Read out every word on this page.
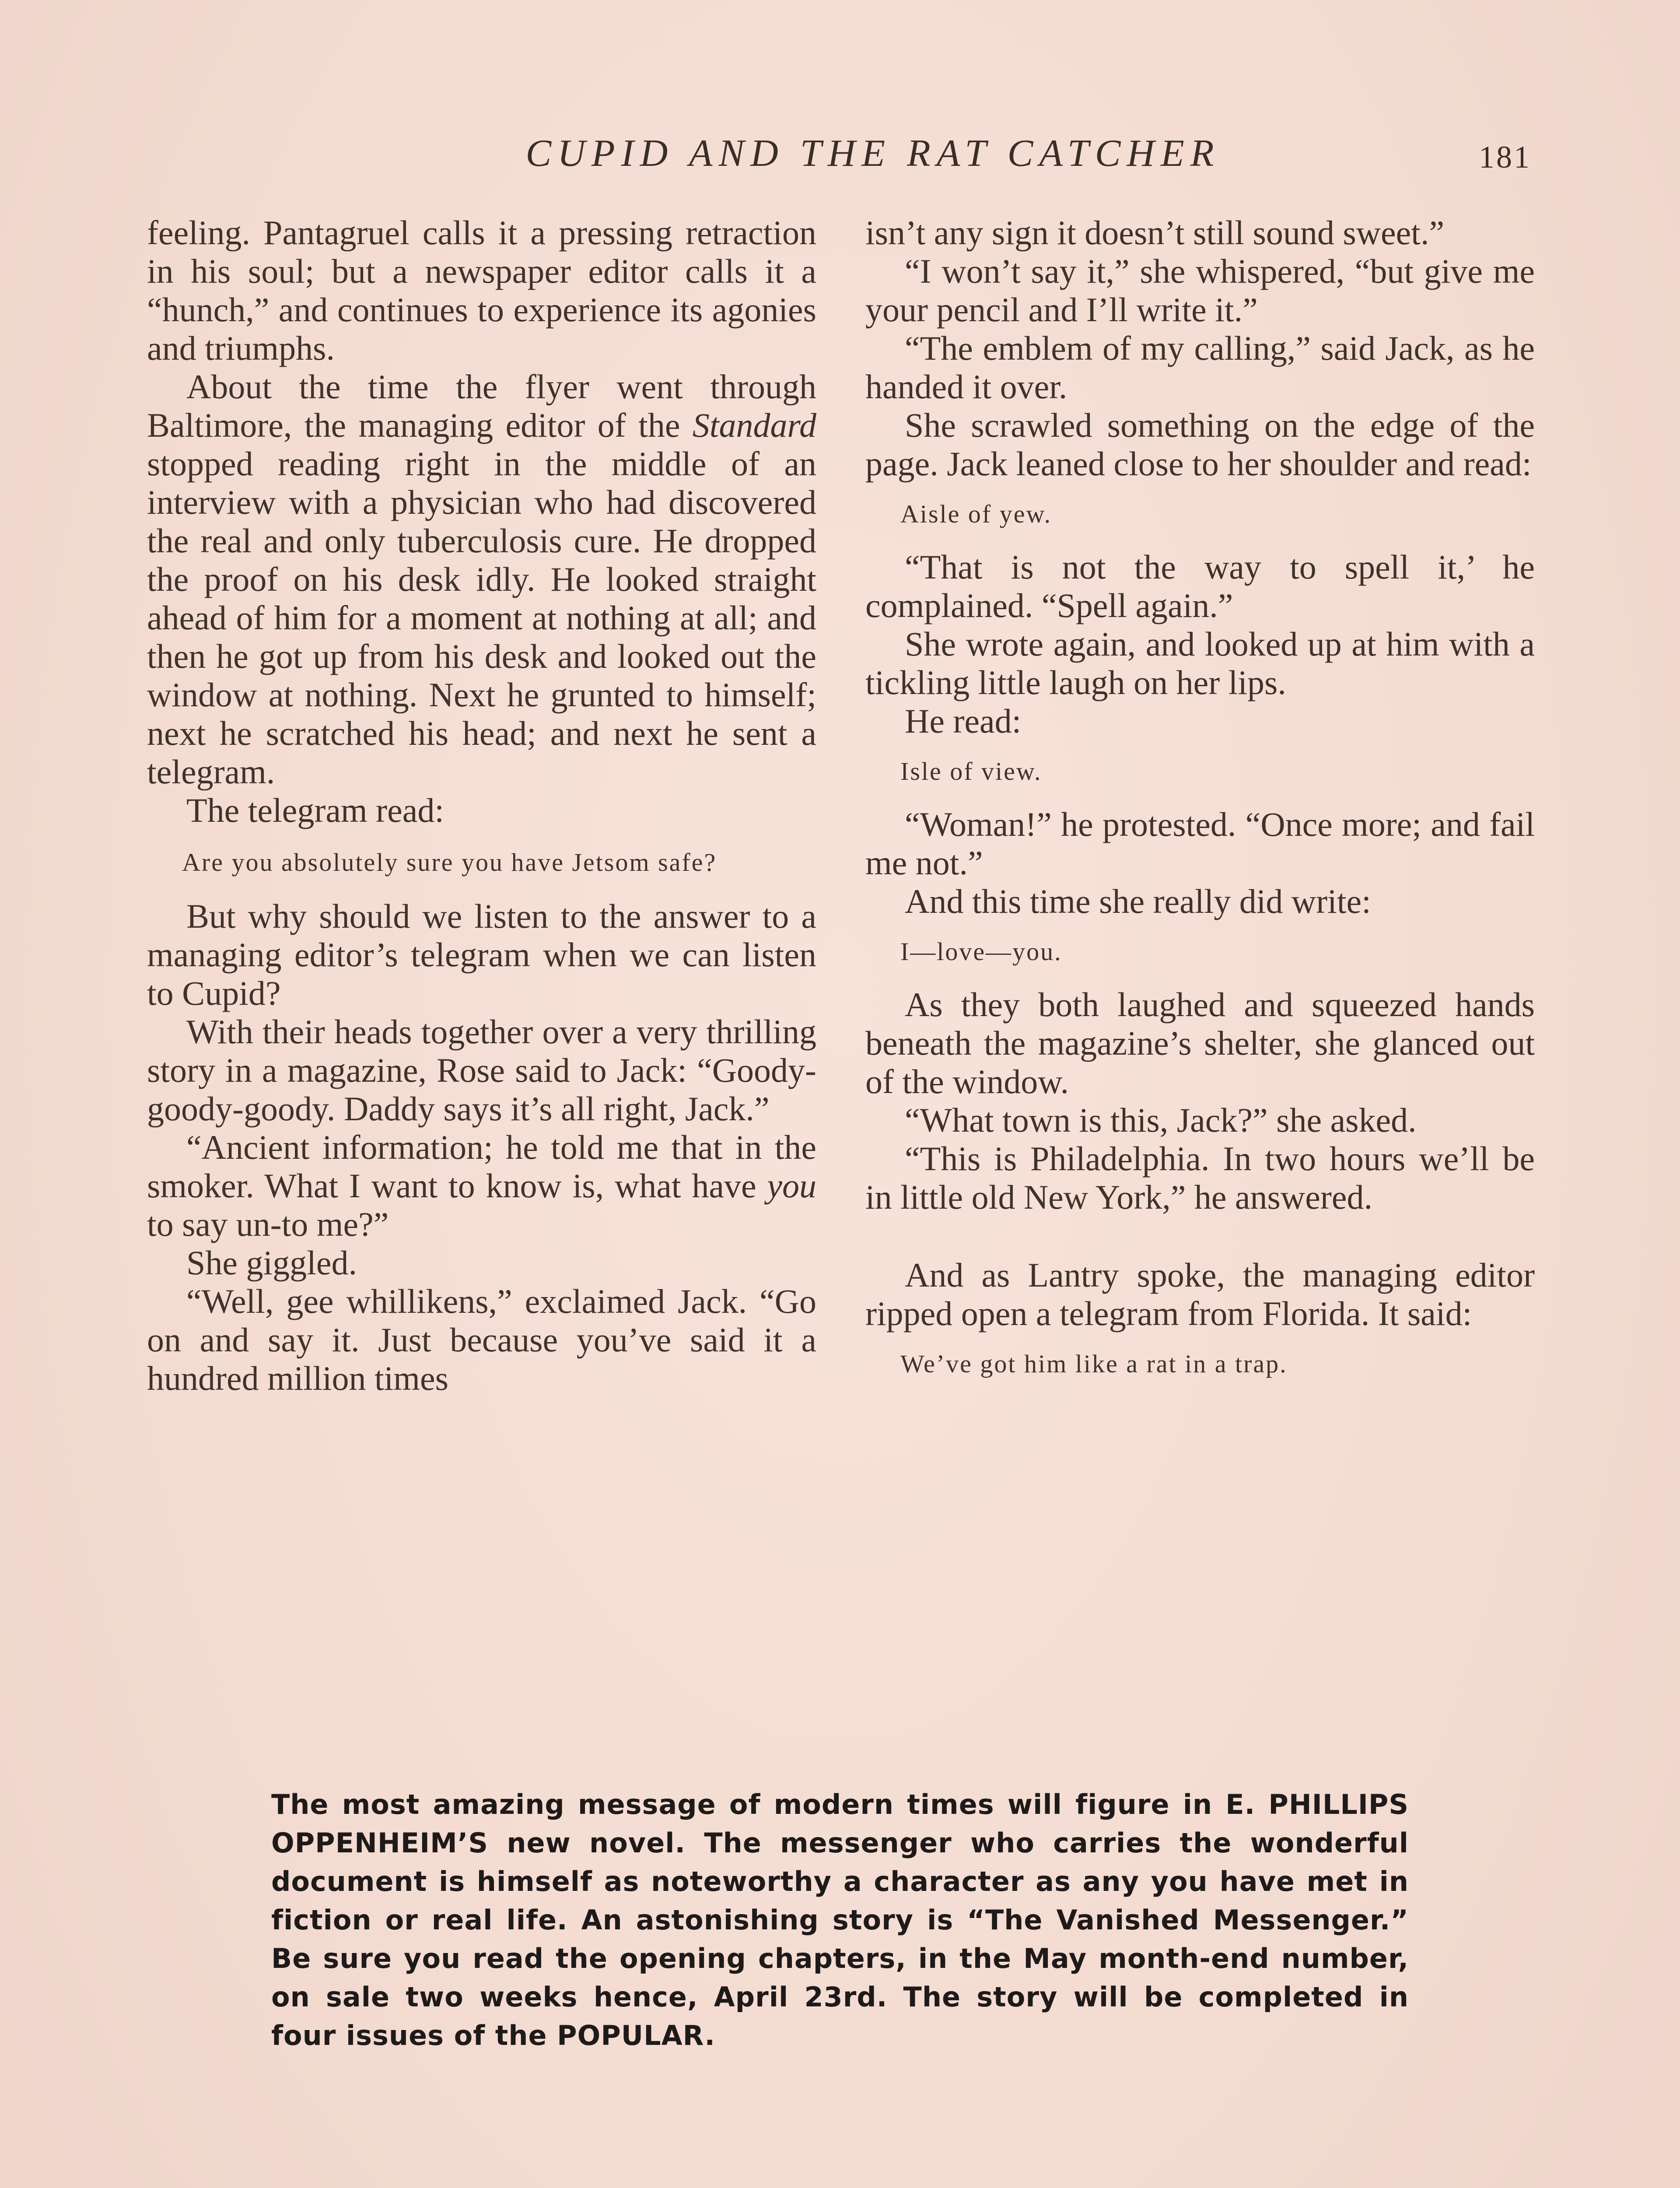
CUPID AND THE RAT CATCHER	181

feeling. Pantagruel calls it a pressing retraction in his soul; but a newspaper editor calls it a “hunch,” and continues to experience its agonies and triumphs.

About the time the flyer went through Baltimore, the managing editor of the Standard stopped reading right in the middle of an interview with a physician who had discovered the real and only tuberculosis cure. He dropped the proof on his desk idly. He looked straight ahead of him for a moment at nothing at all; and then he got up from his desk and looked out the window at nothing. Next he grunted to himself; next he scratched his head; and next he sent a telegram.

The telegram read:

Are you absolutely sure you have Jetsom safe?

But why should we listen to the answer to a managing editor’s telegram when we can listen to Cupid?

With their heads together over a very thrilling story in a magazine, Rose said to Jack: “Goody-goody-goody. Daddy says it’s all right, Jack.”

“Ancient information; he told me that in the smoker. What I want to know is, what have you to say un-to me?”

She giggled.

“Well, gee whillikens,” exclaimed Jack. “Go on and say it. Just because you’ve said it a hundred million times

isn’t any sign it doesn’t still sound sweet.”

“I won’t say it,” she whispered, “but give me your pencil and I’ll write it.”

“The emblem of my calling,” said Jack, as he handed it over.

She scrawled something on the edge of the page. Jack leaned close to her shoulder and read:

Aisle of yew.

“That is not the way to spell it,’ he complained. “Spell again.”

She wrote again, and looked up at him with a tickling little laugh on her lips.

He read:

Isle of view.

“Woman!” he protested. “Once more; and fail me not.”

And this time she really did write:

I—love—you.

As they both laughed and squeezed hands beneath the magazine’s shelter, she glanced out of the window.

“What town is this, Jack?” she asked.

“This is Philadelphia. In two hours we’ll be in little old New York,” he answered.

And as Lantry spoke, the managing editor ripped open a telegram from Florida. It said:

We’ve got him like a rat in a trap.

The most amazing message of modern times will figure in E. PHILLIPS OPPENHEIM’S new novel. The messenger who carries the wonderful document is himself as noteworthy a character as any you have met in fiction or real life. An astonishing story is “The Vanished Messenger.” Be sure you read the opening chapters, in the May month-end number, on sale two weeks hence, April 23rd. The story will be completed in four issues of the POPULAR.
